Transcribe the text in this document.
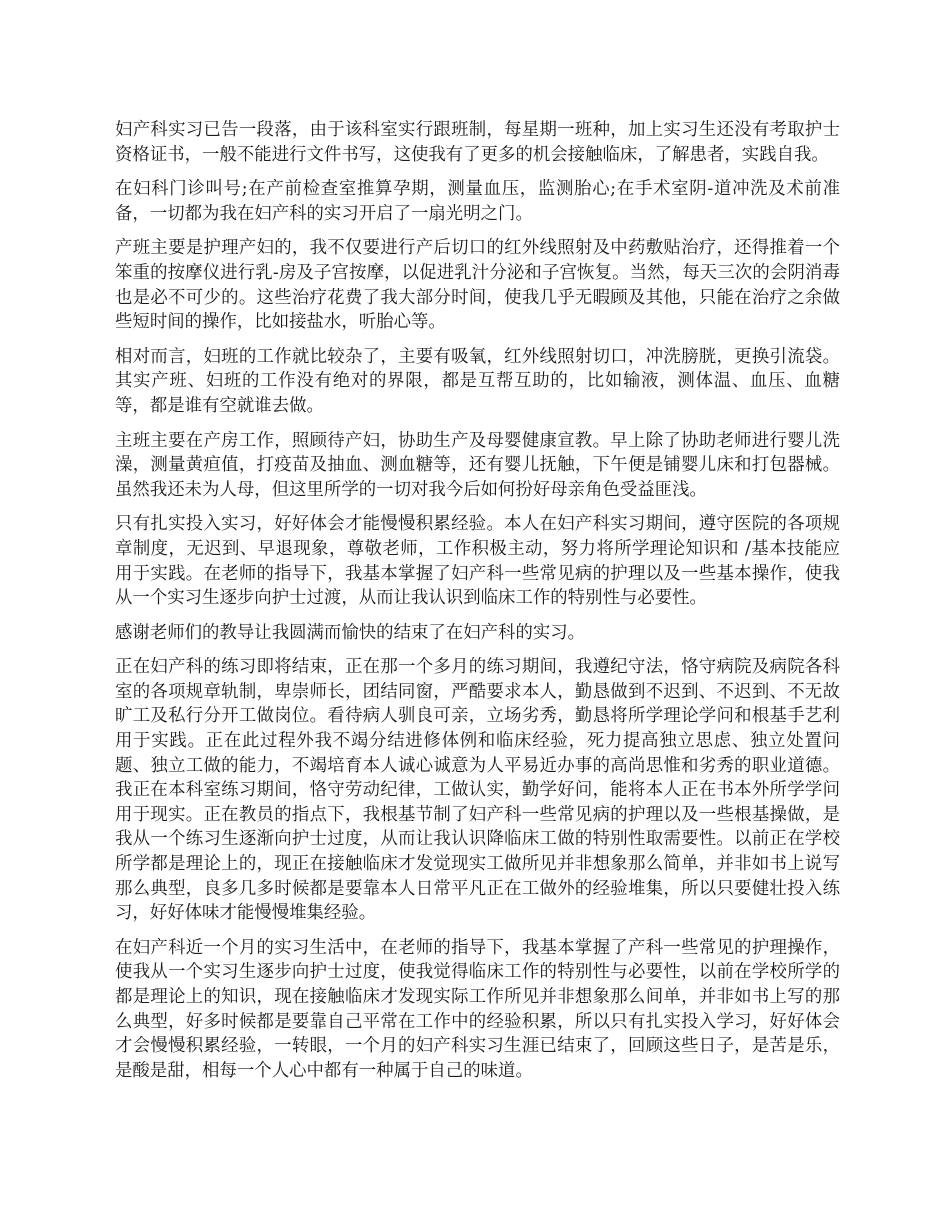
妇产科实习已告一段落，由于该科室实行跟班制，每星期一班种，加上实习生还没有考取护士资格证书，一般不能进行文件书写，这使我有了更多的机会接触临床，了解患者，实践自我。

在妇科门诊叫号;在产前检查室推算孕期，测量血压，监测胎心;在手术室阴-道冲洗及术前准备，一切都为我在妇产科的实习开启了一扇光明之门。

产班主要是护理产妇的，我不仅要进行产后切口的红外线照射及中药敷贴治疗，还得推着一个笨重的按摩仪进行乳-房及子宫按摩，以促进乳汁分泌和子宫恢复。当然，每天三次的会阴消毒也是必不可少的。这些治疗花费了我大部分时间，使我几乎无暇顾及其他，只能在治疗之余做些短时间的操作，比如接盐水，听胎心等。

相对而言，妇班的工作就比较杂了，主要有吸氧，红外线照射切口，冲洗膀胱，更换引流袋。其实产班、妇班的工作没有绝对的界限，都是互帮互助的，比如输液，测体温、血压、血糖等，都是谁有空就谁去做。

主班主要在产房工作，照顾待产妇，协助生产及母婴健康宣教。早上除了协助老师进行婴儿洗澡，测量黄疸值，打疫苗及抽血、测血糖等，还有婴儿抚触，下午便是铺婴儿床和打包器械。虽然我还未为人母，但这里所学的一切对我今后如何扮好母亲角色受益匪浅。

只有扎实投入实习，好好体会才能慢慢积累经验。本人在妇产科实习期间，遵守医院的各项规章制度，无迟到、早退现象，尊敬老师，工作积极主动，努力将所学理论知识和 /基本技能应用于实践。在老师的指导下，我基本掌握了妇产科一些常见病的护理以及一些基本操作，使我从一个实习生逐步向护士过渡，从而让我认识到临床工作的特别性与必要性。

感谢老师们的教导让我圆满而愉快的结束了在妇产科的实习。

正在妇产科的练习即将结束，正在那一个多月的练习期间，我遵纪守法，恪守病院及病院各科室的各项规章轨制，卑崇师长，团结同窗，严酷要求本人，勤恳做到不迟到、不迟到、不无故旷工及私行分开工做岗位。看待病人驯良可亲，立场劣秀，勤恳将所学理论学问和根基手艺利用于实践。正在此过程外我不竭分结进修体例和临床经验，死力提高独立思虑、独立处置问题、独立工做的能力，不竭培育本人诚心诚意为人平易近办事的高尚思惟和劣秀的职业道德。我正在本科室练习期间，恪守劳动纪律，工做认实，勤学好问，能将本人正在书本外所学学问用于现实。正在教员的指点下，我根基节制了妇产科一些常见病的护理以及一些根基操做，是我从一个练习生逐渐向护士过度，从而让我认识降临床工做的特别性取需要性。以前正在学校所学都是理论上的，现正在接触临床才发觉现实工做所见并非想象那么简单，并非如书上说写那么典型，良多几多时候都是要靠本人日常平凡正在工做外的经验堆集，所以只要健壮投入练习，好好体味才能慢慢堆集经验。

在妇产科近一个月的实习生活中，在老师的指导下，我基本掌握了产科一些常见的护理操作，使我从一个实习生逐步向护士过度，使我觉得临床工作的特别性与必要性，以前在学校所学的都是理论上的知识，现在接触临床才发现实际工作所见并非想象那么间单，并非如书上写的那么典型，好多时候都是要靠自己平常在工作中的经验积累，所以只有扎实投入学习，好好体会才会慢慢积累经验，一转眼，一个月的妇产科实习生涯已结束了，回顾这些日子，是苦是乐，是酸是甜，相每一个人心中都有一种属于自己的味道。
